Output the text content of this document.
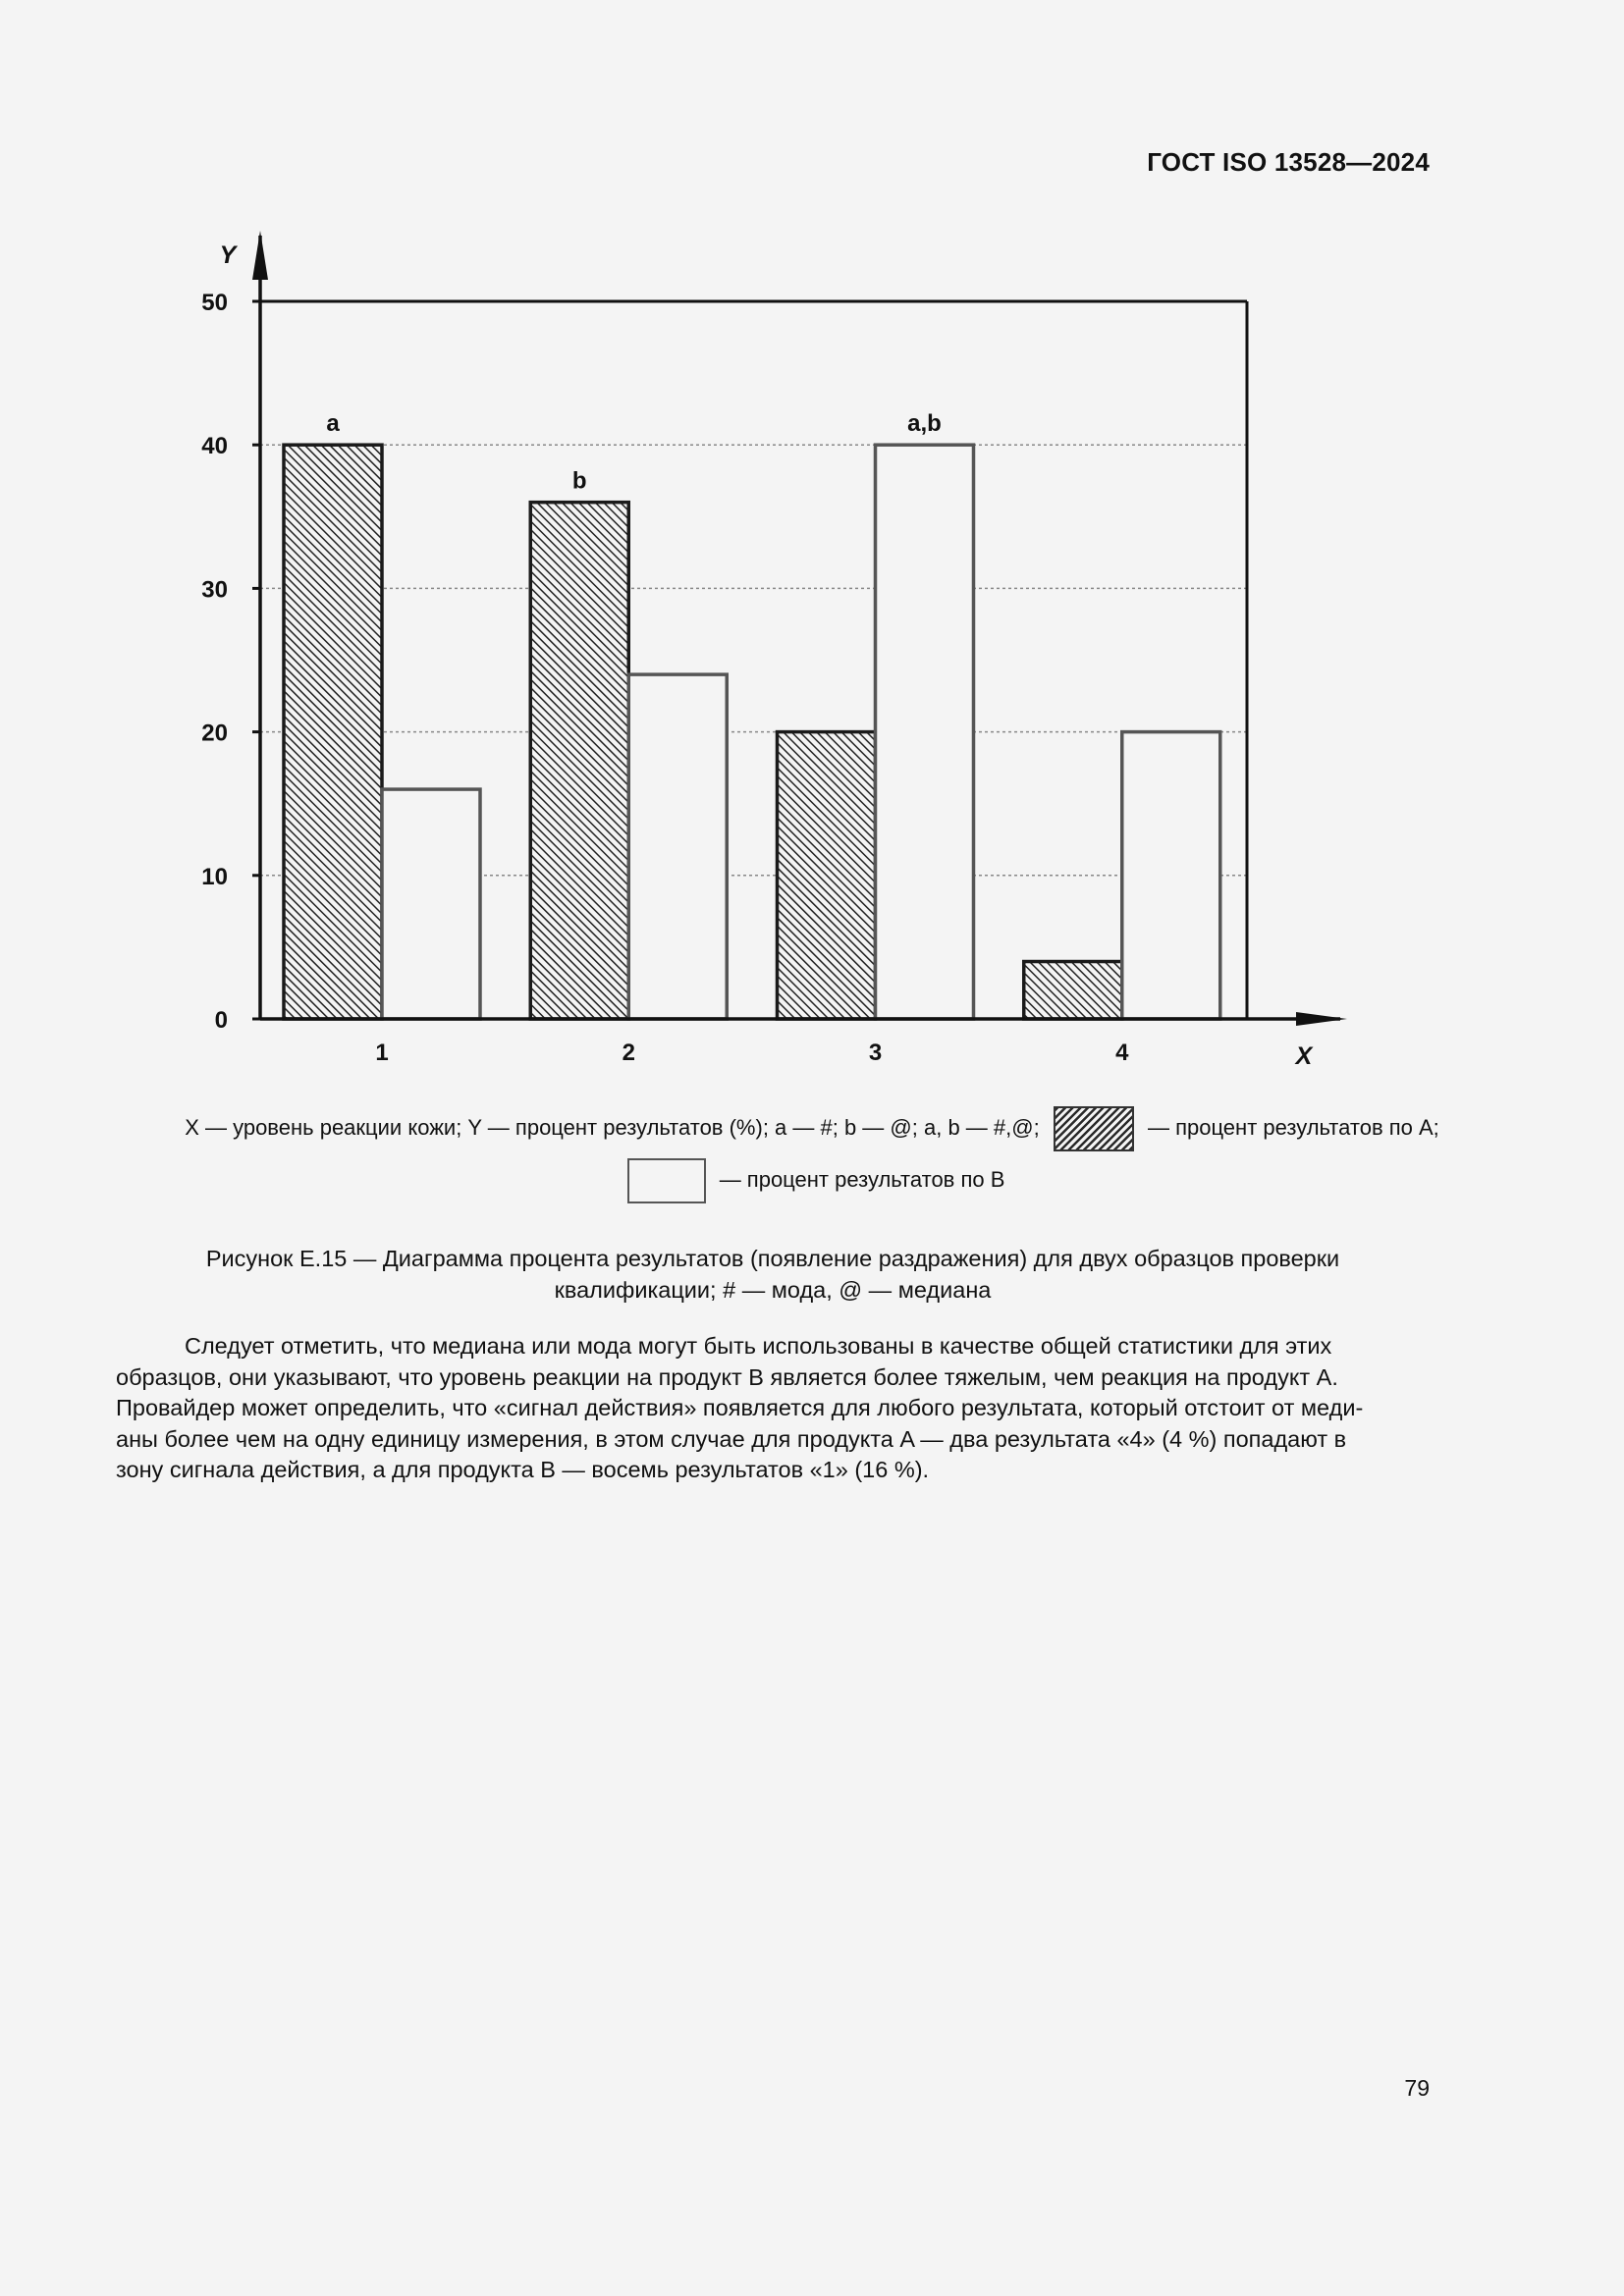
ГОСТ ISO 13528—2024
a
b
a,b
0
10
20
30
40
50
1	2	3	4
Y
X
X — уровень реакции кожи; Y — процент результатов (%); a — #; b — @; a, b — #,@;	— процент результатов по A;
— процент результатов по B
Рисунок Е.15 — Диаграмма процента результатов (появление раздражения) для двух образцов проверки
квалификации; # — мода, @ — медиана
Следует отметить, что медиана или мода могут быть использованы в качестве общей статистики для этих
образцов, они указывают, что уровень реакции на продукт B является более тяжелым, чем реакция на продукт A.
Провайдер может определить, что «сигнал действия» появляется для любого результата, который отстоит от меди-
аны более чем на одну единицу измерения, в этом случае для продукта A — два результата «4» (4 %) попадают в
зону сигнала действия, а для продукта B — восемь результатов «1» (16 %).
79
